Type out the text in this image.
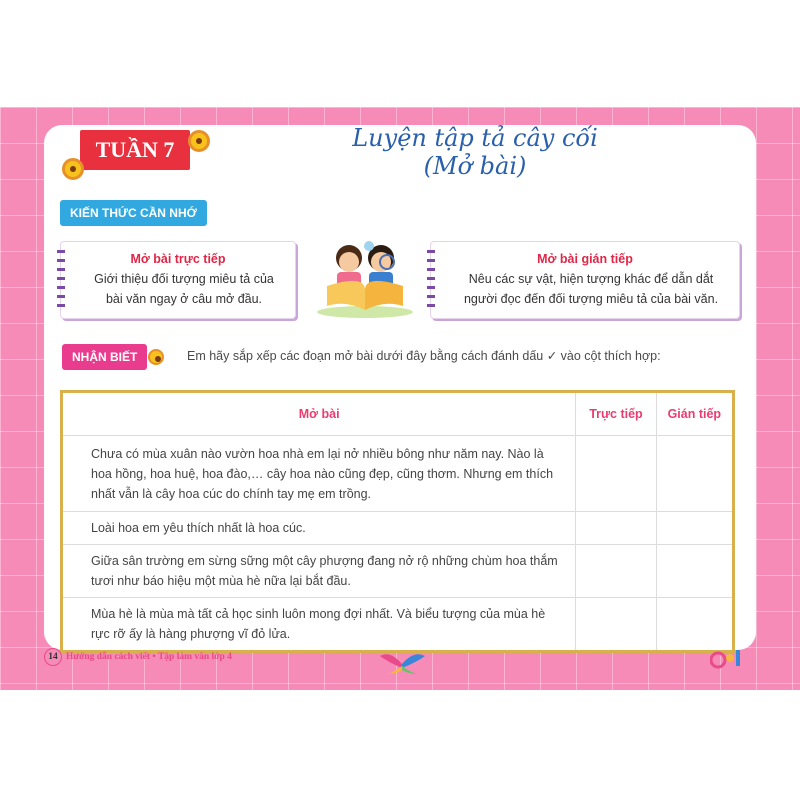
TUẦN 7	Luyện tập tả cây cối
(Mở bài)
KIẾN THỨC CẦN NHỚ
Mở bài trực tiếp
Giới thiệu đối tượng miêu tả của
bài văn ngay ở câu mở đầu.
Mở bài gián tiếp
Nêu các sự vật, hiện tượng khác để dẫn dắt
người đọc đến đối tượng miêu tả của bài văn.
NHẬN BIẾT	Em hãy sắp xếp các đoạn mở bài dưới đây bằng cách đánh dấu ✓ vào cột thích hợp:
Mở bài	Trực tiếp	Gián tiếp
Chưa có mùa xuân nào vườn hoa nhà em lại nở nhiều bông như năm nay. Nào là hoa hồng, hoa huệ, hoa đào,… cây hoa nào cũng đẹp, cũng thơm. Nhưng em thích nhất vẫn là cây hoa cúc do chính tay mẹ em trồng.		
Loài hoa em yêu thích nhất là hoa cúc.		
Giữa sân trường em sừng sững một cây phượng đang nở rộ những chùm hoa thắm tươi như báo hiệu một mùa hè nữa lại bắt đầu.		
Mùa hè là mùa mà tất cả học sinh luôn mong đợi nhất. Và biểu tượng của mùa hè rực rỡ ấy là hàng phượng vĩ đỏ lửa.		
14 Hướng dẫn cách viết • Tập làm văn lớp 4
